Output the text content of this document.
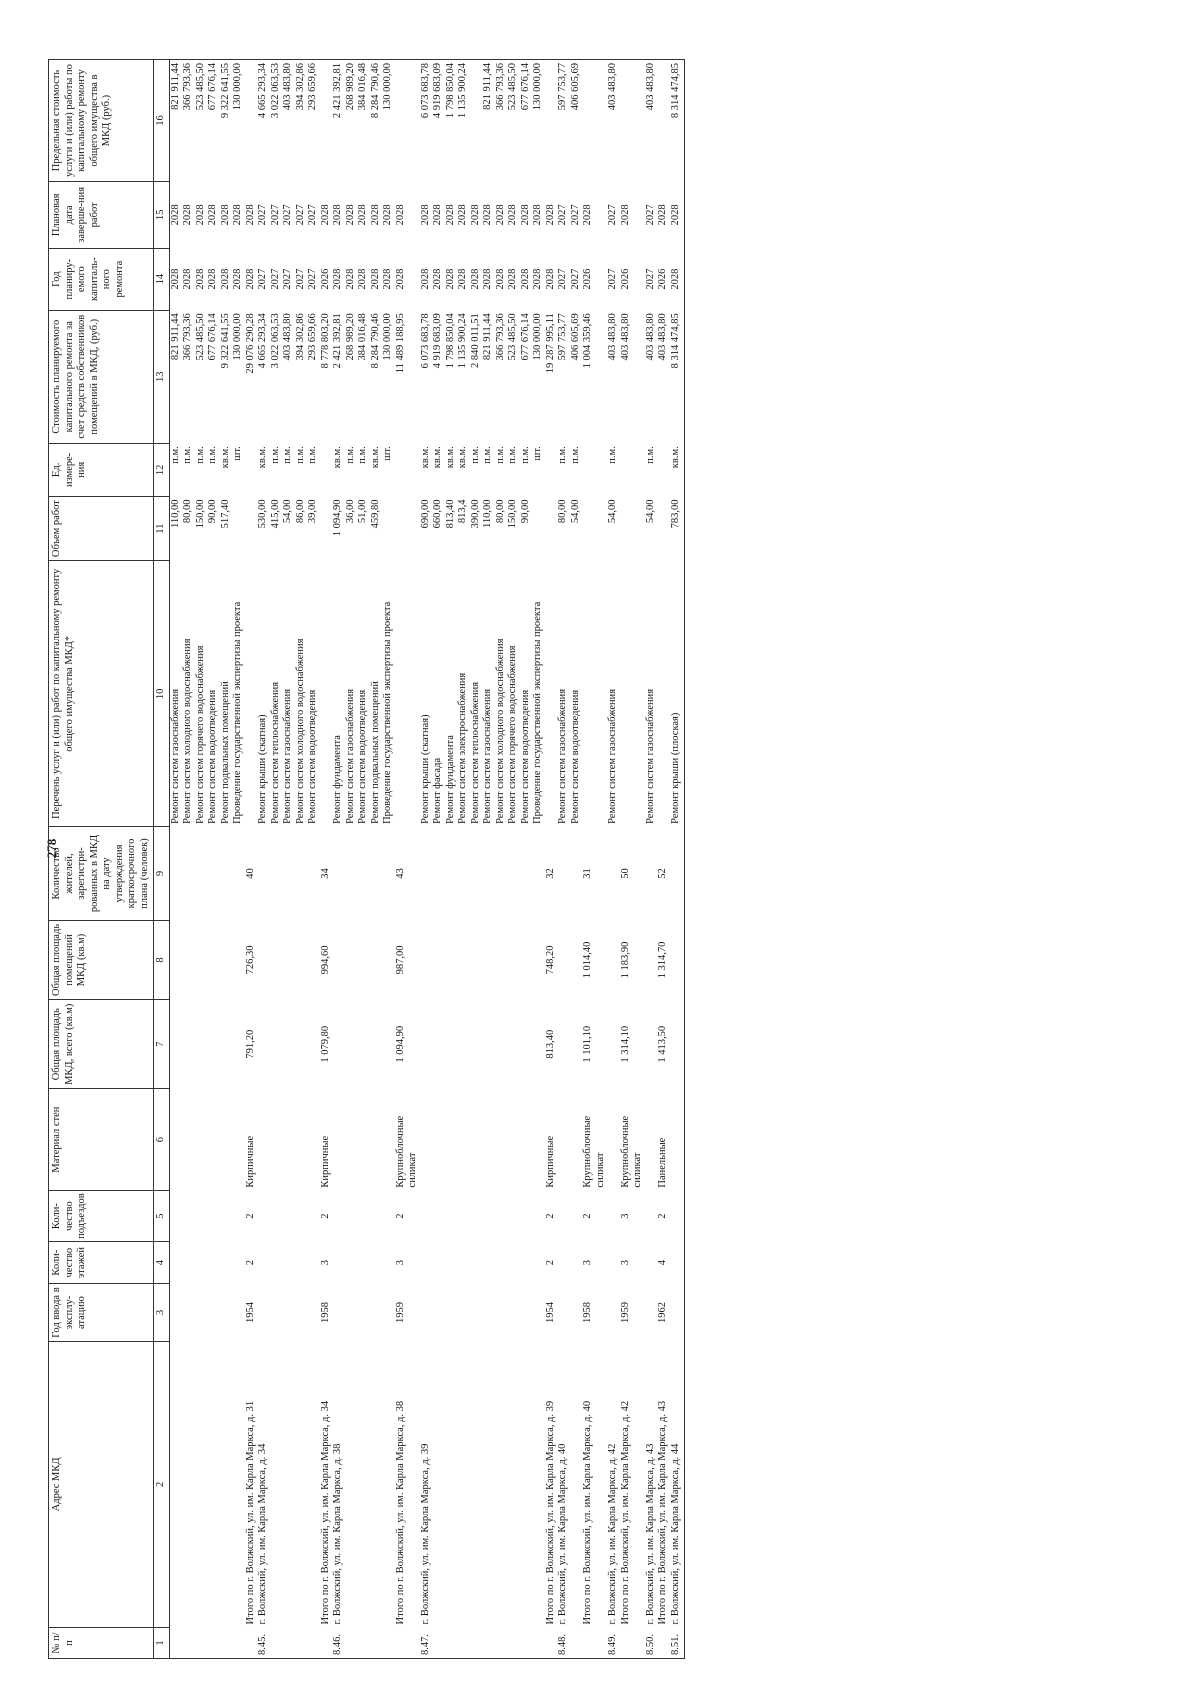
278
№ п/п	Адрес МКД	Год ввода в эксплу-атацию	Коли-чество этажей	Коли-чество подъездов	Материал стен	Общая площадь МКД, всего (кв.м)	Общая площадь помещений МКД (кв.м)	Количество жителей, зарегистри-рованных в МКД на дату утверждения краткосрочного плана (человек)	Перечень услуг и (или) работ по капитальному ремонту общего имущества МКД*	Объем работ	Ед. измере-ния	Стоимость планируемого капитального ремонта за счет средств собственников помещений в МКД, (руб.)	Год планиру-емого капиталь-ного ремонта	Плановая дата заверше-ния работ	Предельная стоимость услуги и (или) работы по капитальному ремонту общего имущества в МКД (руб.)
1	2	3	4	5	6	7	8	9	10	11	12	13	14	15	16
									Ремонт систем газоснабжения	110,00	п.м.	821 911,44	2028	2028	821 911,44
									Ремонт систем холодного водоснабжения	80,00	п.м.	366 793,36	2028	2028	366 793,36
									Ремонт систем горячего водоснабжения	150,00	п.м.	523 485,50	2028	2028	523 485,50
									Ремонт систем водоотведения	90,00	п.м.	677 676,14	2028	2028	677 676,14
									Ремонт подвальных помещений	517,40	кв.м.	9 322 641,55	2028	2028	9 322 641,55
									Проведение государственной экспертизы проекта		шт.	130 000,00	2028	2028	130 000,00
	Итого по г. Волжский, ул. им. Карла Маркса, д. 31	1954	2	2	Кирпичные	791,20	726,30	40				29 076 290,28	2028	2028	
8.45.	г. Волжский, ул. им. Карла Маркса, д. 34								Ремонт крыши (скатная)	530,00	кв.м.	4 665 293,34	2027	2027	4 665 293,34
									Ремонт систем теплоснабжения	415,00	п.м.	3 022 063,53	2027	2027	3 022 063,53
									Ремонт систем газоснабжения	54,00	п.м.	403 483,80	2027	2027	403 483,80
									Ремонт систем холодного водоснабжения	86,00	п.м.	394 302,86	2027	2027	394 302,86
									Ремонт систем водоотведения	39,00	п.м.	293 659,66	2027	2027	293 659,66
	Итого по г. Волжский, ул. им. Карла Маркса, д. 34	1958	3	2	Кирпичные	1 079,80	994,60	34				8 778 803,20	2026	2028	
8.46.	г. Волжский, ул. им. Карла Маркса, д. 38								Ремонт фундамента	1 094,90	кв.м.	2 421 392,81	2028	2028	2 421 392,81
									Ремонт систем газоснабжения	36,00	п.м.	268 989,20	2028	2028	268 989,20
									Ремонт систем водоотведения	51,00	п.м.	384 016,48	2028	2028	384 016,48
									Ремонт подвальных помещений	459,80	кв.м.	8 284 790,46	2028	2028	8 284 790,46
									Проведение государственной экспертизы проекта		шт.	130 000,00	2028	2028	130 000,00
	Итого по г. Волжский, ул. им. Карла Маркса, д. 38	1959	3	2	Крупноблочные силикат	1 094,90	987,00	43				11 489 188,95	2028	2028	
8.47.	г. Волжский, ул. им. Карла Маркса, д. 39								Ремонт крыши (скатная)	690,00	кв.м.	6 073 683,78	2028	2028	6 073 683,78
									Ремонт фасада	660,00	кв.м.	4 919 683,09	2028	2028	4 919 683,09
									Ремонт фундамента	813,40	кв.м.	1 798 850,04	2028	2028	1 798 850,04
									Ремонт систем электроснабжения	813,4	кв.м.	1 135 900,24	2028	2028	1 135 900,24
									Ремонт систем теплоснабжения	390,00	п.м.	2 840 011,51	2028	2028	
									Ремонт систем газоснабжения	110,00	п.м.	821 911,44	2028	2028	821 911,44
									Ремонт систем холодного водоснабжения	80,00	п.м.	366 793,36	2028	2028	366 793,36
									Ремонт систем горячего водоснабжения	150,00	п.м.	523 485,50	2028	2028	523 485,50
									Ремонт систем водоотведения	90,00	п.м.	677 676,14	2028	2028	677 676,14
									Проведение государственной экспертизы проекта		шт.	130 000,00	2028	2028	130 000,00
	Итого по г. Волжский, ул. им. Карла Маркса, д. 39	1954	2	2	Кирпичные	813,40	748,20	32				19 287 995,11	2028	2028	
8.48.	г. Волжский, ул. им. Карла Маркса, д. 40								Ремонт систем газоснабжения	80,00	п.м.	597 753,77	2027	2027	597 753,77
									Ремонт систем водоотведения	54,00	п.м.	406 605,69	2027	2027	406 605,69
	Итого по г. Волжский, ул. им. Карла Маркса, д. 40	1958	3	2	Крупноблочные силикат	1 101,10	1 014,40	31				1 004 359,46	2026	2028	
8.49.	г. Волжский, ул. им. Карла Маркса, д. 42								Ремонт систем газоснабжения	54,00	п.м.	403 483,80	2027	2027	403 483,80
	Итого по г. Волжский, ул. им. Карла Маркса, д. 42	1959	3	3	Крупноблочные силикат	1 314,10	1 183,90	50				403 483,80	2026	2028	
8.50.	г. Волжский, ул. им. Карла Маркса, д. 43								Ремонт систем газоснабжения	54,00	п.м.	403 483,80	2027	2027	403 483,80
	Итого по г. Волжский, ул. им. Карла Маркса, д. 43	1962	4	2	Панельные	1 413,50	1 314,70	52				403 483,80	2026	2028	
8.51.	г. Волжский, ул. им. Карла Маркса, д. 44								Ремонт крыши (плоская)	783,00	кв.м.	8 314 474,85	2028	2028	8 314 474,85
